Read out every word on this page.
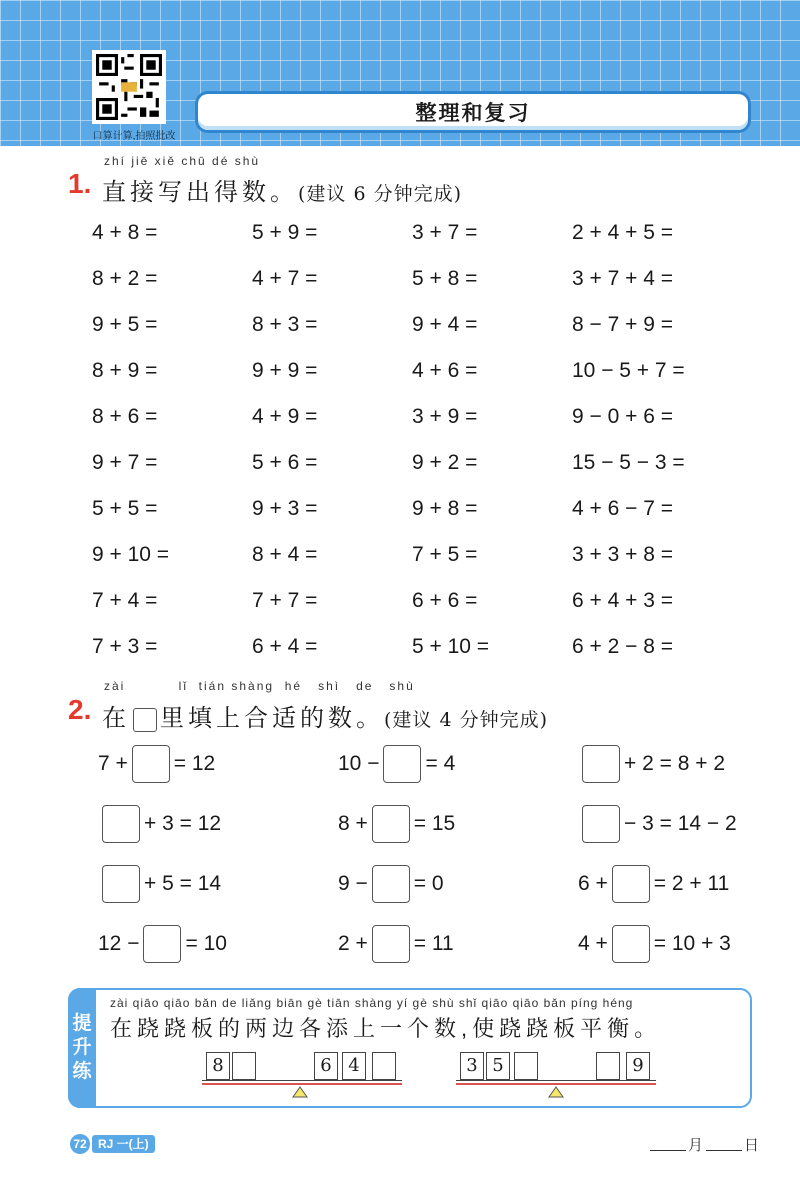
口算计算,拍照批改
整理和复习
zhí jiē xiě chū dé shù
1. 直接写出得数。(建议 6 分钟完成)
4 + 8 =	5 + 9 =	3 + 7 =	2 + 4 + 5 =
8 + 2 =	4 + 7 =	5 + 8 =	3 + 7 + 4 =
9 + 5 =	8 + 3 =	9 + 4 =	8 − 7 + 9 =
8 + 9 =	9 + 9 =	4 + 6 =	10 − 5 + 7 =
8 + 6 =	4 + 9 =	3 + 9 =	9 − 0 + 6 =
9 + 7 =	5 + 6 =	9 + 2 =	15 − 5 − 3 =
5 + 5 =	9 + 3 =	9 + 8 =	4 + 6 − 7 =
9 + 10 =	8 + 4 =	7 + 5 =	3 + 3 + 8 =
7 + 4 =	7 + 7 =	6 + 6 =	6 + 4 + 3 =
7 + 3 =	6 + 4 =	5 + 10 =	6 + 2 − 8 =
zài          lǐ  tián shàng  hé   shì   de   shù
2. 在 里填上合适的数。(建议 4 分钟完成)
7 + = 12	10 − = 4	+ 2 = 8 + 2
+ 3 = 12	8 + = 15	− 3 = 14 − 2
+ 5 = 14	9 − = 0	6 + = 2 + 11
12 − = 10	2 + = 11	4 + = 10 + 3
提
升
练
zài qiāo qiāo bǎn de liǎng biān gè tiān shàng yí gè shù shǐ qiāo qiāo bǎn píng héng
在跷跷板的两边各添上一个数,使跷跷板平衡。
8	6 4	3 5	9
72 RJ 一(上)	月	日
